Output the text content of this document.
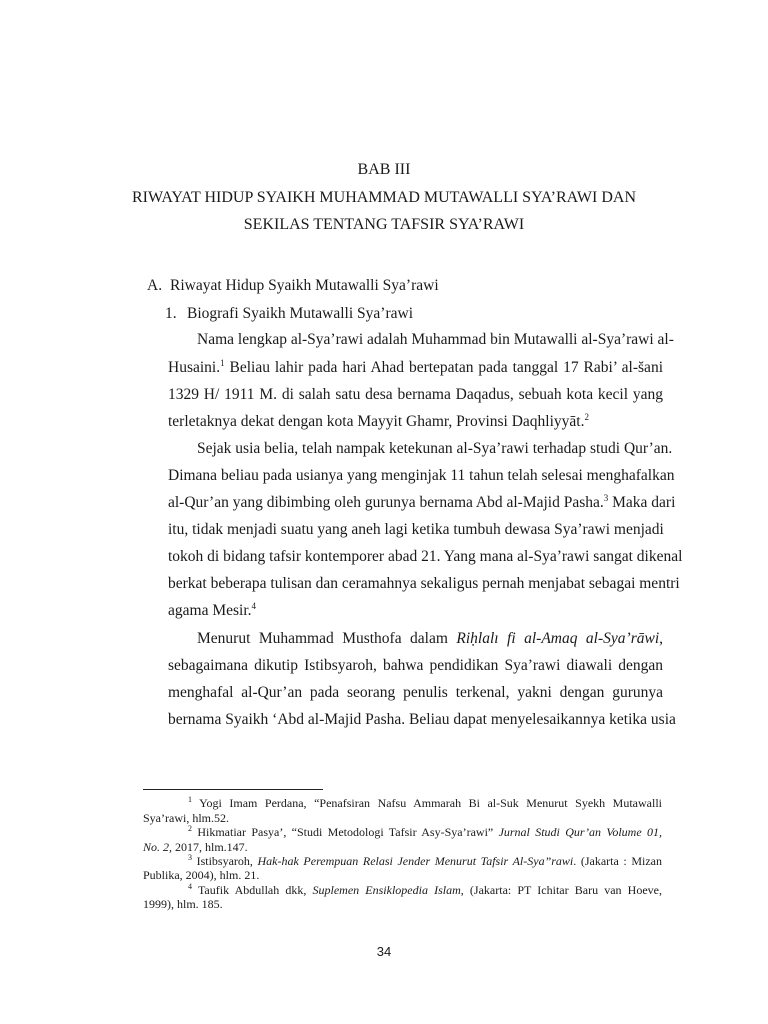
BAB III

RIWAYAT HIDUP SYAIKH MUHAMMAD MUTAWALLI SYA’RAWI DAN

SEKILAS TENTANG TAFSIR SYA’RAWI

A. Riwayat Hidup Syaikh Mutawalli Sya’rawi

1. Biografi Syaikh Mutawalli Sya’rawi

Nama lengkap al-Sya’rawi adalah Muhammad bin Mutawalli al-Sya’rawi al-

Husaini.$^1$ Beliau lahir pada hari Ahad bertepatan pada tanggal 17 Rabi’ al-s̆ani

1329 H/ 1911 M. di salah satu desa bernama Daqadus, sebuah kota kecil yang

terletaknya dekat dengan kota Mayyit Ghamr, Provinsi Daqhliyyāt.$^2$

Sejak usia belia, telah nampak ketekunan al-Sya’rawi terhadap studi Qur’an.

Dimana beliau pada usianya yang menginjak 11 tahun telah selesai menghafalkan

al-Qur’an yang dibimbing oleh gurunya bernama Abd al-Majid Pasha.$^3$ Maka dari

itu, tidak menjadi suatu yang aneh lagi ketika tumbuh dewasa Sya’rawi menjadi

tokoh di bidang tafsir kontemporer abad 21. Yang mana al-Sya’rawi sangat dikenal

berkat beberapa tulisan dan ceramahnya sekaligus pernah menjabat sebagai mentri

agama Mesir.$^4$

Menurut Muhammad Musthofa dalam Riḥlalı fi al-Amaq al-Sya’rāwi,

sebagaimana dikutip Istibsyaroh, bahwa pendidikan Sya’rawi diawali dengan

menghafal al-Qur’an pada seorang penulis terkenal, yakni dengan gurunya

bernama Syaikh ‘Abd al-Majid Pasha. Beliau dapat menyelesaikannya ketika usia

$^1$ Yogi Imam Perdana, “Penafsiran Nafsu Ammarah Bi al-Suk Menurut Syekh Mutawalli

Sya’rawi, hlm.52.

$^2$ Hikmatiar Pasya’, “Studi Metodologi Tafsir Asy-Sya’rawi” Jurnal Studi Qur’an Volume 01,

No. 2, 2017, hlm.147.

$^3$ Istibsyaroh, Hak-hak Perempuan Relasi Jender Menurut Tafsir Al-Sya”rawi. (Jakarta : Mizan

Publika, 2004), hlm. 21.

$^4$ Taufik Abdullah dkk, Suplemen Ensiklopedia Islam, (Jakarta: PT Ichitar Baru van Hoeve,

1999), hlm. 185.

34
